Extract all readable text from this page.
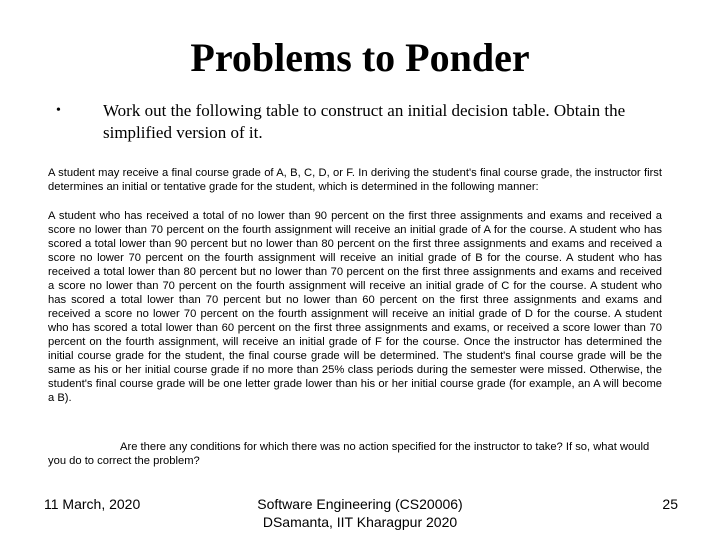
Problems to Ponder
• Work out the following table to construct an initial decision table. Obtain the simplified version of it.
A student may receive a final course grade of A, B, C, D, or F. In deriving the student's final course grade, the instructor first determines an initial or tentative grade for the student, which is determined in the following manner:
A student who has received a total of no lower than 90 percent on the first three assignments and exams and received a score no lower than 70 percent on the fourth assignment will receive an initial grade of A for the course. A student who has scored a total lower than 90 percent but no lower than 80 percent on the first three assignments and exams and received a score no lower 70 percent on the fourth assignment will receive an initial grade of B for the course. A student who has received a total lower than 80 percent but no lower than 70 percent on the first three assignments and exams and received a score no lower than 70 percent on the fourth assignment will receive an initial grade of C for the course. A student who has scored a total lower than 70 percent but no lower than 60 percent on the first three assignments and exams and received a score no lower 70 percent on the fourth assignment will receive an initial grade of D for the course. A student who has scored a total lower than 60 percent on the first three assignments and exams, or received a score lower than 70 percent on the fourth assignment, will receive an initial grade of F for the course. Once the instructor has determined the initial course grade for the student, the final course grade will be determined. The student's final course grade will be the same as his or her initial course grade if no more than 25% class periods during the semester were missed. Otherwise, the student's final course grade will be one letter grade lower than his or her initial course grade (for example, an A will become a B).
Are there any conditions for which there was no action specified for the instructor to take? If so, what would you do to correct the problem?
11 March, 2020	Software Engineering (CS20006)
DSamanta, IIT Kharagpur 2020
25
